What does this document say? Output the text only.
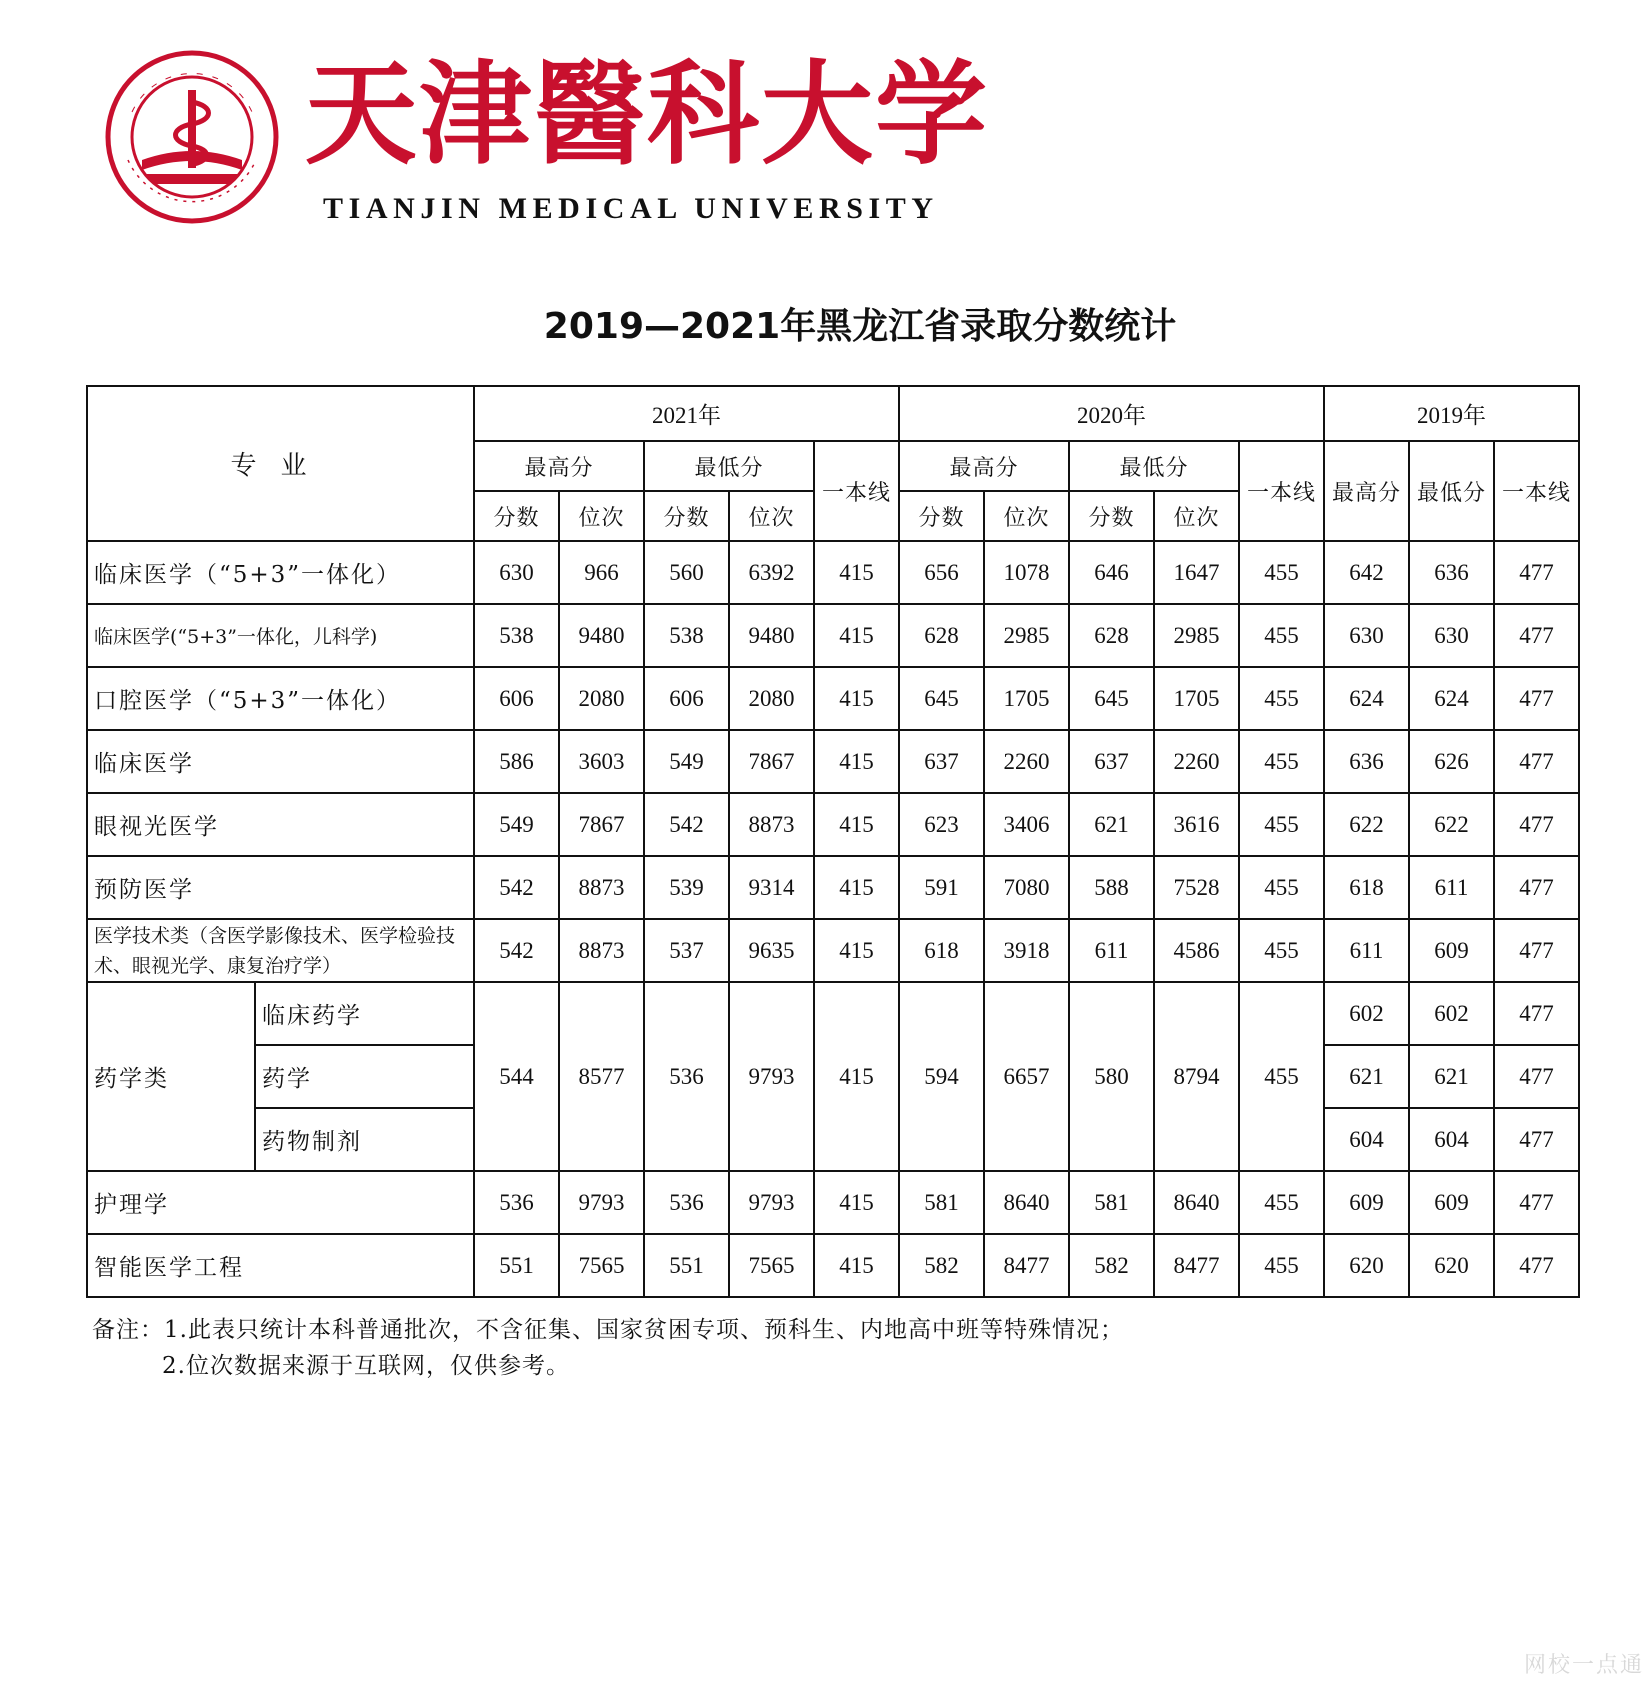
天津醫科大学
TIANJIN MEDICAL UNIVERSITY
2019—2021年黑龙江省录取分数统计
专业		2021年					2020年					2019年		
		最高分		最低分		一本线	最高分		最低分		一本线	最高分	最低分	一本线
		分数	位次	分数	位次		分数	位次	分数	位次				
临床医学（“5+3”一体化）		630	966	560	6392	415	656	1078	646	1647	455	642	636	477
临床医学(“5+3”一体化，儿科学)		538	9480	538	9480	415	628	2985	628	2985	455	630	630	477
口腔医学（“5+3”一体化）		606	2080	606	2080	415	645	1705	645	1705	455	624	624	477
临床医学		586	3603	549	7867	415	637	2260	637	2260	455	636	626	477
眼视光医学		549	7867	542	8873	415	623	3406	621	3616	455	622	622	477
预防医学		542	8873	539	9314	415	591	7080	588	7528	455	618	611	477
医学技术类（含医学影像技术、医学检验技术、眼视光学、康复治疗学）		542	8873	537	9635	415	618	3918	611	4586	455	611	609	477
药学类	临床药学	544	8577	536	9793	415	594	6657	580	8794	455	602	602	477
	药学											621	621	477
	药物制剂											604	604	477
护理学		536	9793	536	9793	415	581	8640	581	8640	455	609	609	477
智能医学工程		551	7565	551	7565	415	582	8477	582	8477	455	620	620	477
备注：1.此表只统计本科普通批次，不含征集、国家贫困专项、预科生、内地高中班等特殊情况；
2.位次数据来源于互联网，仅供参考。
网校一点通
